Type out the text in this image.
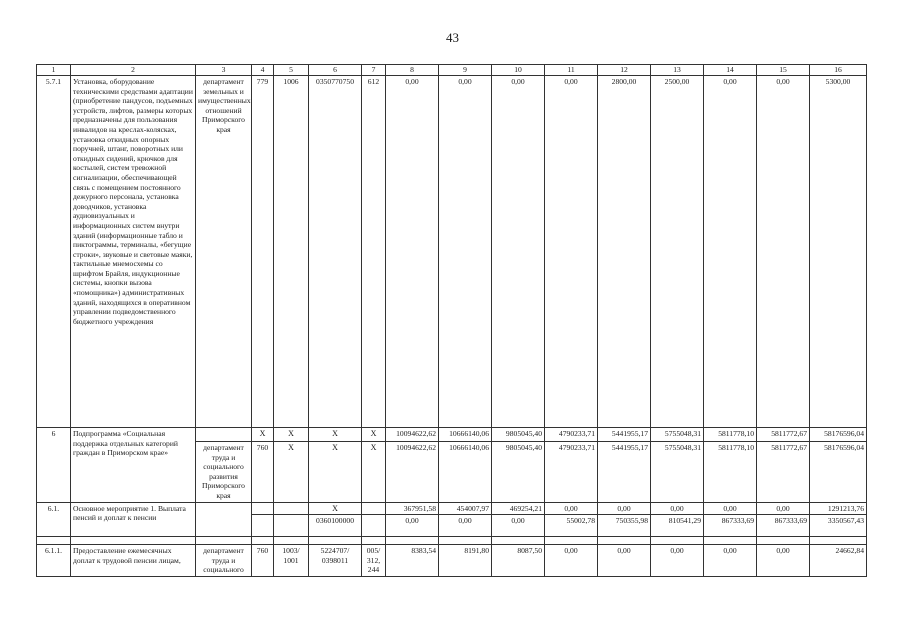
43
1	2	3	4	5	6	7	8	9	10	11	12	13	14	15	16
5.7.1	Установка, оборудование техническими средствами адаптации (приобретение пандусов, подъемных устройств, лифтов, размеры которых предназначены для пользования инвалидов на креслах-колясках, установка откидных опорных поручней, штанг, поворотных или откидных сидений, крючков для костылей, систем тревожной сигнализации, обеспечивающей связь с помещением постоянного дежурного персонала, установка доводчиков, установка аудиовизуальных и информационных систем внутри зданий (информационные табло и пиктограммы, терминалы, «бегущие строки», звуковые и световые маяки, тактильные мнемосхемы со шрифтом Брайля, индукционные системы, кнопки вызова «помощника») административных зданий, находящихся в оперативном управлении подведомственного бюджетного учреждения	департамент земельных и имущественных отношений Приморского края	779	1006	0350770750	612	0,00	0,00	0,00	0,00	2800,00	2500,00	0,00	0,00	5300,00
6	Подпрограмма «Социальная поддержка отдельных категорий граждан в Приморском крае»		X	X	X	X	10094622,62	10666140,06	9805045,40	4790233,71	5441955,17	5755048,31	5811778,10	5811772,67	58176596,04
		департамент труда и социального развития Приморского края	760	X	X	X	10094622,62	10666140,06	9805045,40	4790233,71	5441955,17	5755048,31	5811778,10	5811772,67	58176596,04
6.1.	Основное мероприятие 1. Выплата пенсий и доплат к пенсии				X		367951,58	454007,97	469254,21	0,00	0,00	0,00	0,00	0,00	1291213,76
					0360100000		0,00	0,00	0,00	55002,78	750355,98	810541,29	867333,69	867333,69	3350567,43

6.1.1.	Предоставление ежемесячных доплат к трудовой пенсии лицам,	департамент труда и социального	760	1003/ 1001	5224707/ 0398011	005/ 312, 244	8383,54	8191,80	8087,50	0,00	0,00	0,00	0,00	0,00	24662,84
